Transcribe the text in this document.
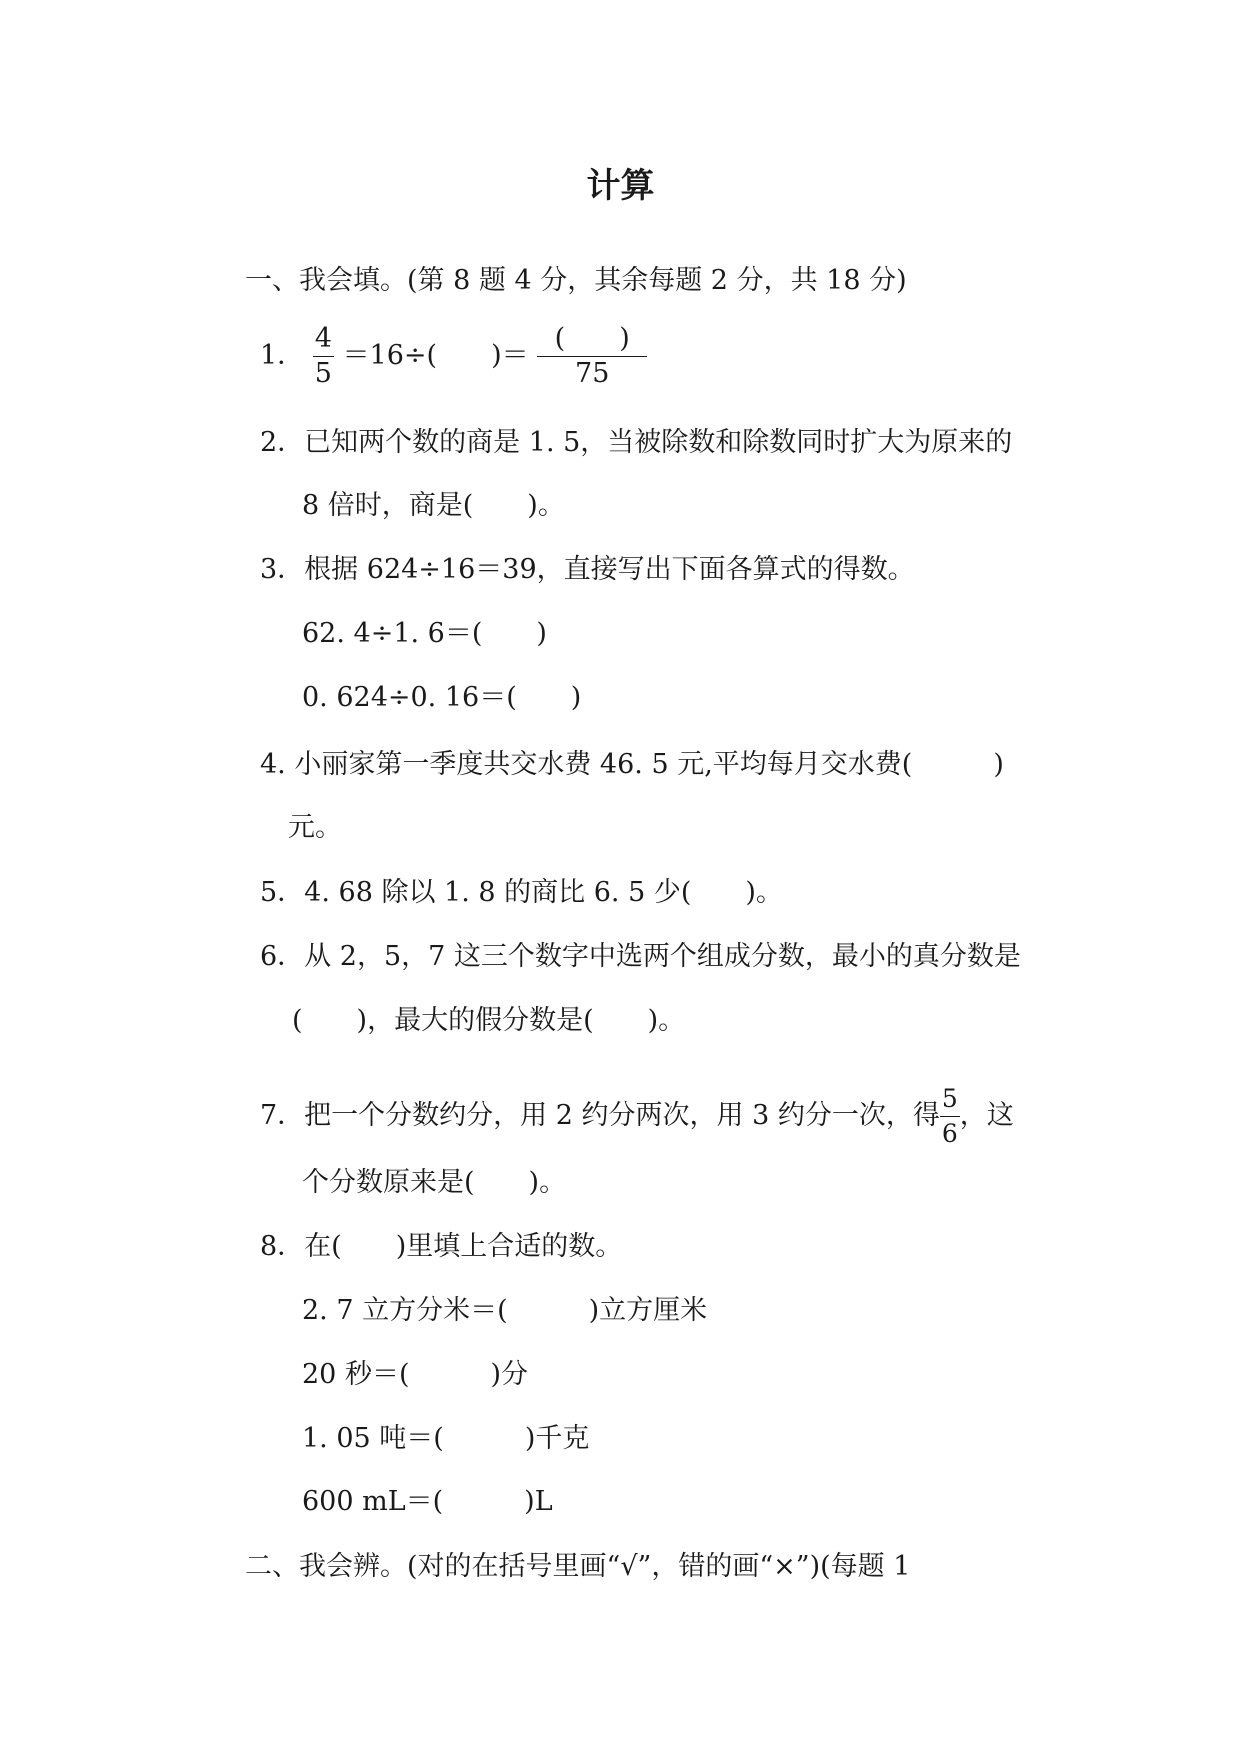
计算
一、我会填。(第 8 题 4 分，其余每题 2 分，共 18 分)
1． $\frac{4}{5} =16\div$(　　)＝ $\frac{( )}{75}$
2．已知两个数的商是 1. 5，当被除数和除数同时扩大为原来的
8 倍时，商是(　　)。
3．根据 624÷16＝39，直接写出下面各算式的得数。
62. 4÷1. 6＝(　　)
0. 624÷0. 16＝(　　)
4. 小丽家第一季度共交水费 46. 5 元,平均每月交水费(　　　)
元。
5．4. 68 除以 1. 8 的商比 6. 5 少(　　)。
6．从 2，5，7 这三个数字中选两个组成分数，最小的真分数是
(　　)，最大的假分数是(　　)。
7．把一个分数约分，用 2 约分两次，用 3 约分一次，得 $\frac{5}{6}$ ，这
个分数原来是(　　)。
8．在(　　)里填上合适的数。
2. 7 立方分米＝(　　　)立方厘米
20 秒＝(　　　)分
1. 05 吨＝(　　　)千克
600 mL＝(　　　)L
二、我会辨。(对的在括号里画“√”，错的画“×”)(每题 1
